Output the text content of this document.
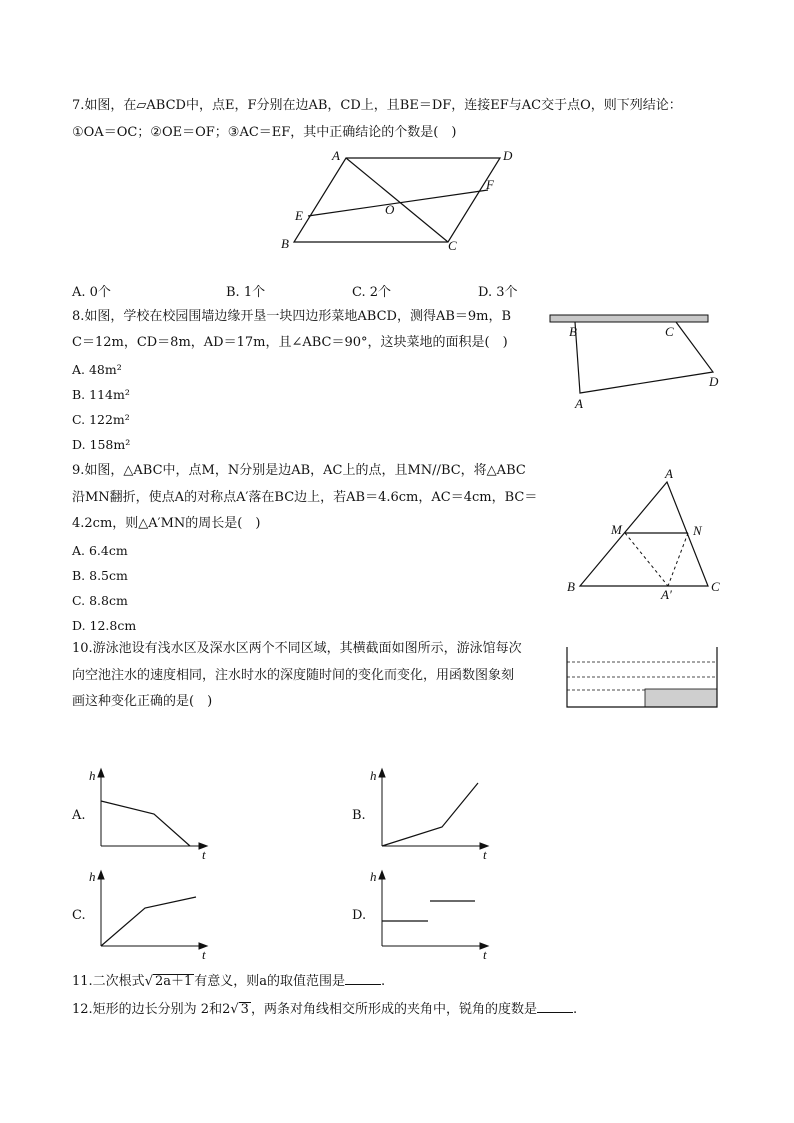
7.如图，在▱ABCD中，点E，F分别在边AB，CD上，且BE＝DF，连接EF与AC交于点O，则下列结论：
①OA＝OC；②OE＝OF；③AC＝EF，其中正确结论的个数是(　)
A	D
F
O
E
B	C
A. 0个	B. 1个	C. 2个	D. 3个
8.如图，学校在校园围墙边缘开垦一块四边形菜地ABCD，测得AB＝9m，B
C＝12m，CD＝8m，AD＝17m，且∠ABC＝90°，这块菜地的面积是(　)
A. 48m²
B. 114m²
C. 122m²
D. 158m²
B	C
D
A
9.如图，△ABC中，点M，N分别是边AB，AC上的点，且MN//BC，将△ABC
沿MN翻折，使点A的对称点A′落在BC边上，若AB＝4.6cm，AC＝4cm，BC＝
4.2cm，则△A′MN的周长是(　)
A. 6.4cm
B. 8.5cm
C. 8.8cm
D. 12.8cm
A
M	N
B
A′
C
10.游泳池设有浅水区及深水区两个不同区域，其横截面如图所示，游泳馆每次
向空池注水的速度相同，注水时水的深度随时间的变化而变化，用函数图象刻
画这种变化正确的是(　)
A.
h
t
B.
h
t
C.
h
t
D.
h
t
11.二次根式√ 2a＋1 有意义，则a的取值范围是	.
12.矩形的边长分别为 2和2√ 3 ，两条对角线相交所形成的夹角中，锐角的度数是	.
